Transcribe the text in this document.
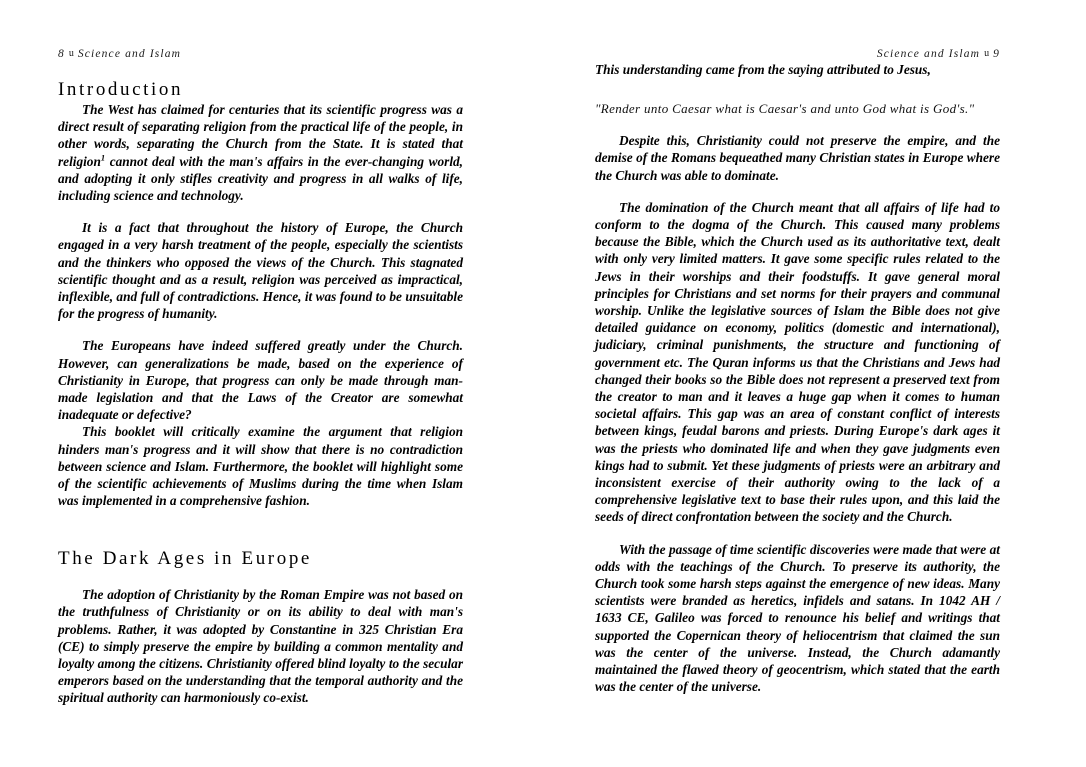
8 u Science and Islam
Introduction

The West has claimed for centuries that its scientific progress was a direct result of separating religion from the practical life of the people, in other words, separating the Church from the State. It is stated that religion$^1$ cannot deal with the man's affairs in the ever-changing world, and adopting it only stifles creativity and progress in all walks of life, including science and technology.

It is a fact that throughout the history of Europe, the Church engaged in a very harsh treatment of the people, especially the scientists and the thinkers who opposed the views of the Church. This stagnated scientific thought and as a result, religion was perceived as impractical, inflexible, and full of contradictions. Hence, it was found to be unsuitable for the progress of humanity.

The Europeans have indeed suffered greatly under the Church. However, can generalizations be made, based on the experience of Christianity in Europe, that progress can only be made through man-made legislation and that the Laws of the Creator are somewhat inadequate or defective?

This booklet will critically examine the argument that religion hinders man's progress and it will show that there is no contradiction between science and Islam. Furthermore, the booklet will highlight some of the scientific achievements of Muslims during the time when Islam was implemented in a comprehensive fashion.

The Dark Ages in Europe

The adoption of Christianity by the Roman Empire was not based on the truthfulness of Christianity or on its ability to deal with man's problems. Rather, it was adopted by Constantine in 325 Christian Era (CE) to simply preserve the empire by building a common mentality and loyalty among the citizens. Christianity offered blind loyalty to the secular emperors based on the understanding that the temporal authority and the spiritual authority can harmoniously co-exist.

Science and Islam u 9

This understanding came from the saying attributed to Jesus,

"Render unto Caesar what is Caesar's and unto God what is God's."

Despite this, Christianity could not preserve the empire, and the demise of the Romans bequeathed many Christian states in Europe where the Church was able to dominate.

The domination of the Church meant that all affairs of life had to conform to the dogma of the Church. This caused many problems because the Bible, which the Church used as its authoritative text, dealt with only very limited matters. It gave some specific rules related to the Jews in their worships and their foodstuffs. It gave general moral principles for Christians and set norms for their prayers and communal worship. Unlike the legislative sources of Islam the Bible does not give detailed guidance on economy, politics (domestic and international), judiciary, criminal punishments, the structure and functioning of government etc. The Quran informs us that the Christians and Jews had changed their books so the Bible does not represent a preserved text from the creator to man and it leaves a huge gap when it comes to human societal affairs. This gap was an area of constant conflict of interests between kings, feudal barons and priests. During Europe's dark ages it was the priests who dominated life and when they gave judgments even kings had to submit. Yet these judgments of priests were an arbitrary and inconsistent exercise of their authority owing to the lack of a comprehensive legislative text to base their rules upon, and this laid the seeds of direct confrontation between the society and the Church.

With the passage of time scientific discoveries were made that were at odds with the teachings of the Church. To preserve its authority, the Church took some harsh steps against the emergence of new ideas. Many scientists were branded as heretics, infidels and satans. In 1042 AH / 1633 CE, Galileo was forced to renounce his belief and writings that supported the Copernican theory of heliocentrism that claimed the sun was the center of the universe. Instead, the Church adamantly maintained the flawed theory of geocentrism, which stated that the earth was the center of the universe.
